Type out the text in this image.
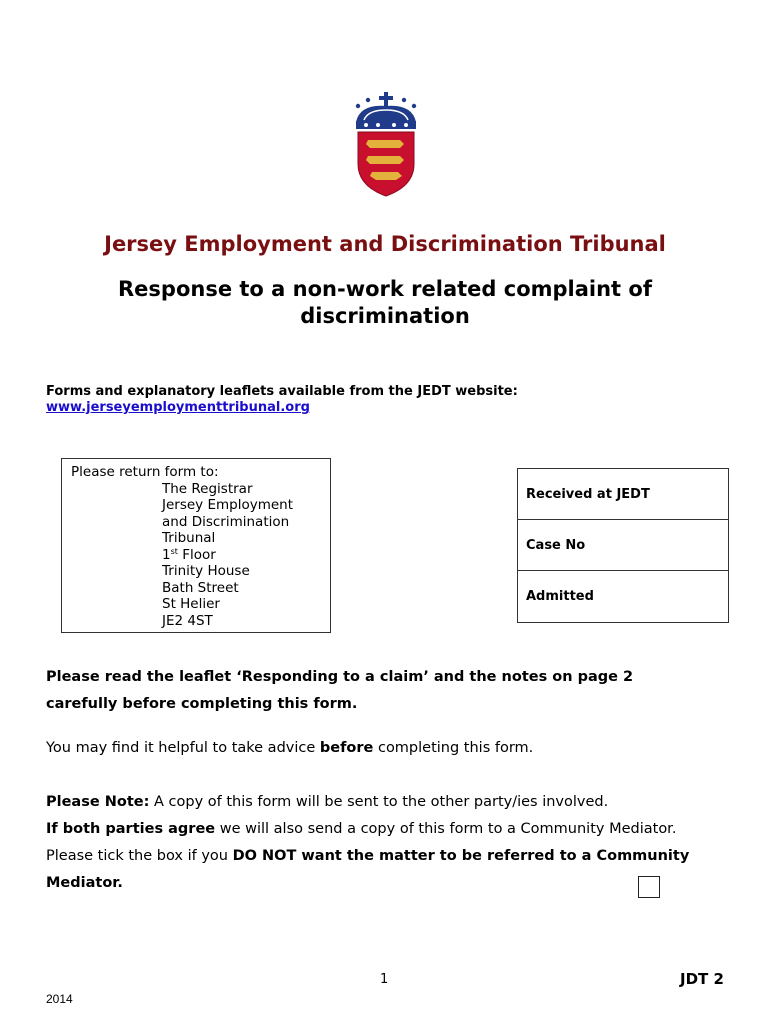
Jersey Employment and Discrimination Tribunal
Response to a non-work related complaint of
discrimination
Forms and explanatory leaflets available from the JEDT website:
www.jerseyemploymenttribunal.org
Please return form to:
The Registrar
Jersey Employment
and Discrimination
Tribunal
1st Floor
Trinity House
Bath Street
St Helier
JE2 4ST
Received at JEDT
Case No
Admitted
Please read the leaflet ‘Responding to a claim’ and the notes on page 2
carefully before completing this form.
You may find it helpful to take advice before completing this form.
Please Note: A copy of this form will be sent to the other party/ies involved.
If both parties agree we will also send a copy of this form to a Community Mediator.
Please tick the box if you DO NOT want the matter to be referred to a Community
Mediator.
1	JDT 2
2014
